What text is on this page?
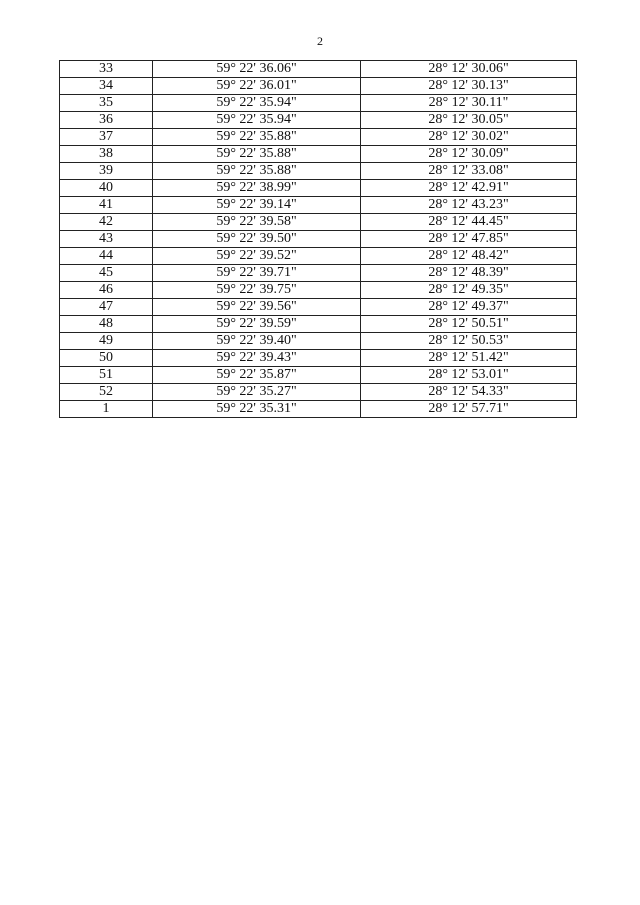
2
33	59° 22' 36.06"	28° 12' 30.06"
34	59° 22' 36.01"	28° 12' 30.13"
35	59° 22' 35.94"	28° 12' 30.11"
36	59° 22' 35.94"	28° 12' 30.05"
37	59° 22' 35.88"	28° 12' 30.02"
38	59° 22' 35.88"	28° 12' 30.09"
39	59° 22' 35.88"	28° 12' 33.08"
40	59° 22' 38.99"	28° 12' 42.91"
41	59° 22' 39.14"	28° 12' 43.23"
42	59° 22' 39.58"	28° 12' 44.45"
43	59° 22' 39.50"	28° 12' 47.85"
44	59° 22' 39.52"	28° 12' 48.42"
45	59° 22' 39.71"	28° 12' 48.39"
46	59° 22' 39.75"	28° 12' 49.35"
47	59° 22' 39.56"	28° 12' 49.37"
48	59° 22' 39.59"	28° 12' 50.51"
49	59° 22' 39.40"	28° 12' 50.53"
50	59° 22' 39.43"	28° 12' 51.42"
51	59° 22' 35.87"	28° 12' 53.01"
52	59° 22' 35.27"	28° 12' 54.33"
1	59° 22' 35.31"	28° 12' 57.71"
